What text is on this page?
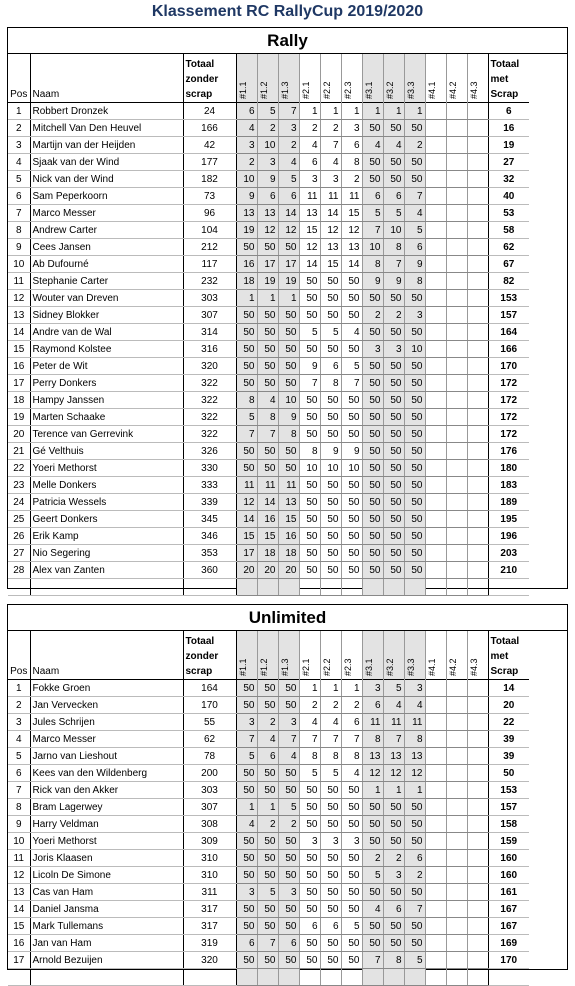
Klassement RC RallyCup 2019/2020
Rally
Pos	Naam	Totaal zonder scrap	#1.1	#1.2	#1.3	#2.1	#2.2	#2.3	#3.1	#3.2	#3.3	#4.1	#4.2	#4.3	Totaal met Scrap
1	Robbert Dronzek	24	6	5	7	1	1	1	1	1	1				6
2	Mitchell Van Den Heuvel	166	4	2	3	2	2	3	50	50	50				16
3	Martijn van der Heijden	42	3	10	2	4	7	6	4	4	2				19
4	Sjaak van der Wind	177	2	3	4	6	4	8	50	50	50				27
5	Nick van der Wind	182	10	9	5	3	3	2	50	50	50				32
6	Sam Peperkoorn	73	9	6	6	11	11	11	6	6	7				40
7	Marco Messer	96	13	13	14	13	14	15	5	5	4				53
8	Andrew Carter	104	19	12	12	15	12	12	7	10	5				58
9	Cees Jansen	212	50	50	50	12	13	13	10	8	6				62
10	Ab Dufourné	117	16	17	17	14	15	14	8	7	9				67
11	Stephanie Carter	232	18	19	19	50	50	50	9	9	8				82
12	Wouter van Dreven	303	1	1	1	50	50	50	50	50	50				153
13	Sidney Blokker	307	50	50	50	50	50	50	2	2	3				157
14	Andre van de Wal	314	50	50	50	5	5	4	50	50	50				164
15	Raymond Kolstee	316	50	50	50	50	50	50	3	3	10				166
16	Peter de Wit	320	50	50	50	9	6	5	50	50	50				170
17	Perry Donkers	322	50	50	50	7	8	7	50	50	50				172
18	Hampy Janssen	322	8	4	10	50	50	50	50	50	50				172
19	Marten Schaake	322	5	8	9	50	50	50	50	50	50				172
20	Terence van Gerrevink	322	7	7	8	50	50	50	50	50	50				172
21	Gé Velthuis	326	50	50	50	8	9	9	50	50	50				176
22	Yoeri Methorst	330	50	50	50	10	10	10	50	50	50				180
23	Melle Donkers	333	11	11	11	50	50	50	50	50	50				183
24	Patricia Wessels	339	12	14	13	50	50	50	50	50	50				189
25	Geert Donkers	345	14	16	15	50	50	50	50	50	50				195
26	Erik Kamp	346	15	15	16	50	50	50	50	50	50				196
27	Nio Segering	353	17	18	18	50	50	50	50	50	50				203
28	Alex van Zanten	360	20	20	20	50	50	50	50	50	50				210

Unlimited
Pos	Naam	Totaal zonder scrap	#1.1	#1.2	#1.3	#2.1	#2.2	#2.3	#3.1	#3.2	#3.3	#4.1	#4.2	#4.3	Totaal met Scrap
1	Fokke Groen	164	50	50	50	1	1	1	3	5	3				14
2	Jan Vervecken	170	50	50	50	2	2	2	6	4	4				20
3	Jules Schrijen	55	3	2	3	4	4	6	11	11	11				22
4	Marco Messer	62	7	4	7	7	7	7	8	7	8				39
5	Jarno van Lieshout	78	5	6	4	8	8	8	13	13	13				39
6	Kees van den Wildenberg	200	50	50	50	5	5	4	12	12	12				50
7	Rick van den Akker	303	50	50	50	50	50	50	1	1	1				153
8	Bram Lagerwey	307	1	1	5	50	50	50	50	50	50				157
9	Harry Veldman	308	4	2	2	50	50	50	50	50	50				158
10	Yoeri Methorst	309	50	50	50	3	3	3	50	50	50				159
11	Joris Klaasen	310	50	50	50	50	50	50	2	2	6				160
12	Licoln De Simone	310	50	50	50	50	50	50	5	3	2				160
13	Cas van Ham	311	3	5	3	50	50	50	50	50	50				161
14	Daniel Jansma	317	50	50	50	50	50	50	4	6	7				167
15	Mark Tullemans	317	50	50	50	6	6	5	50	50	50				167
16	Jan van Ham	319	6	7	6	50	50	50	50	50	50				169
17	Arnold Bezuijen	320	50	50	50	50	50	50	7	8	5				170
